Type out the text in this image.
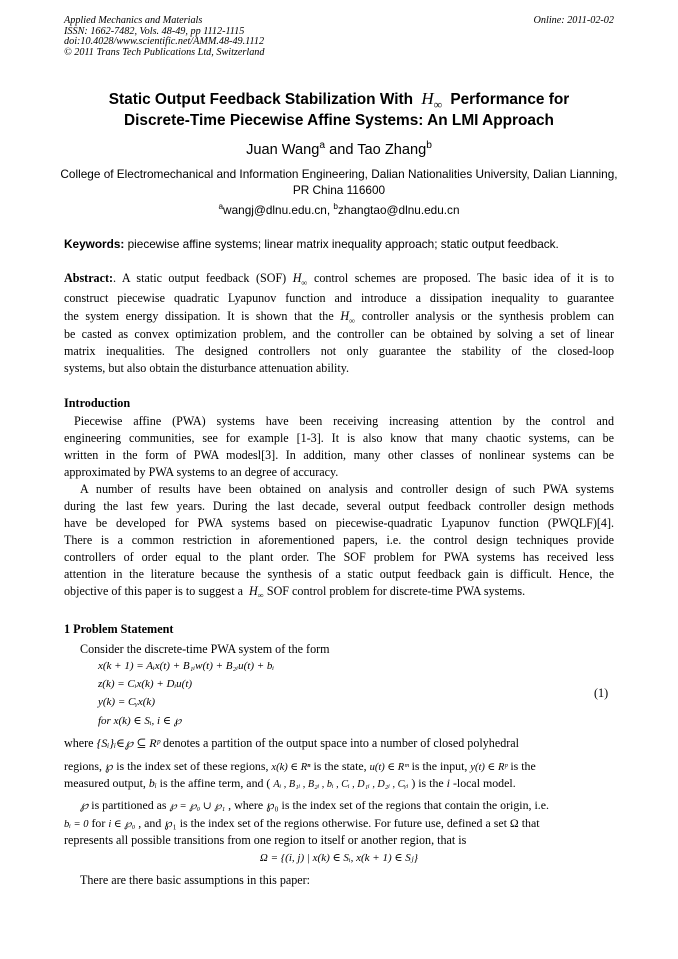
Applied Mechanics and Materials
ISSN: 1662-7482, Vols. 48-49, pp 1112-1115
doi:10.4028/www.scientific.net/AMM.48-49.1112
© 2011 Trans Tech Publications Ltd, Switzerland
Online: 2011-02-02
Static Output Feedback Stabilization With $H_\infty$ Performance for
Discrete-Time Piecewise Affine Systems: An LMI Approach
Juan Wang$^a$ and Tao Zhang$^b$
College of Electromechanical and Information Engineering, Dalian Nationalities University, Dalian Lianning, PR China 116600
$^a$wangj@dlnu.edu.cn, $^b$zhangtao@dlnu.edu.cn
Keywords: piecewise affine systems; linear matrix inequality approach; static output feedback.
Abstract:. A static output feedback (SOF) $H_\infty$ control schemes are proposed. The basic idea of it is to
construct piecewise quadratic Lyapunov function and introduce a dissipation inequality to guarantee
the system energy dissipation. It is shown that the $H_\infty$ controller analysis or the synthesis problem can
be casted as convex optimization problem, and the controller can be obtained by solving a set of linear
matrix inequalities. The designed controllers not only guarantee the stability of the closed-loop
systems, but also obtain the disturbance attenuation ability.
Introduction
Piecewise affine (PWA) systems have been receiving increasing attention by the control and
engineering communities, see for example [1-3]. It is also know that many chaotic systems, can be
written in the form of PWA modesl[3]. In addition, many other classes of nonlinear systems can be
approximated by PWA systems to an degree of accuracy.
A number of results have been obtained on analysis and controller design of such PWA systems
during the last few years. During the last decade, several output feedback controller design methods
have be developed for PWA systems based on piecewise-quadratic Lyapunov function (PWQLF)[4].
There is a common restriction in aforementioned papers, i.e. the control design techniques provide
controllers of order equal to the plant order. The SOF problem for PWA systems has received less
attention in the literature because the synthesis of a static output feedback gain is difficult. Hence, the
objective of this paper is to suggest a $H_\infty$ SOF control problem for discrete-time PWA systems.
1 Problem Statement
Consider the discrete-time PWA system of the form
x(k + 1) = Aᵢx(t) + B₁ᵢw(t) + B₂ᵢu(t) + bᵢ
z(k) = Cᵢx(k) + Dᵢu(t)
y(k) = Cᵧx(k)
for x(k) ∈ Sᵢ, i ∈ ℘
(1)
where {Sᵢ}ᵢ∈℘ ⊆ Rᵖ denotes a partition of the output space into a number of closed polyhedral
regions, ℘ is the index set of these regions, x(k) ∈ Rⁿ is the state, u(t) ∈ Rᵐ is the input, y(t) ∈ Rᵖ is the
measured output, bᵢ is the affine term, and ( Aᵢ , B₁ᵢ , B₂ᵢ , bᵢ , Cᵢ , D₁ᵢ , D₂ᵢ , Cᵧᵢ ) is the i -local model.
℘ is partitioned as ℘ = ℘₀ ∪ ℘₁ , where ℘₀ is the index set of the regions that contain the origin, i.e.
bᵢ = 0 for i ∈ ℘₀ , and ℘₁ is the index set of the regions otherwise. For future use, defined a set Ω that
represents all possible transitions from one region to itself or another region, that is
Ω = {(i, j) | x(k) ∈ Sᵢ, x(k + 1) ∈ Sⱼ}
There are there basic assumptions in this paper:
